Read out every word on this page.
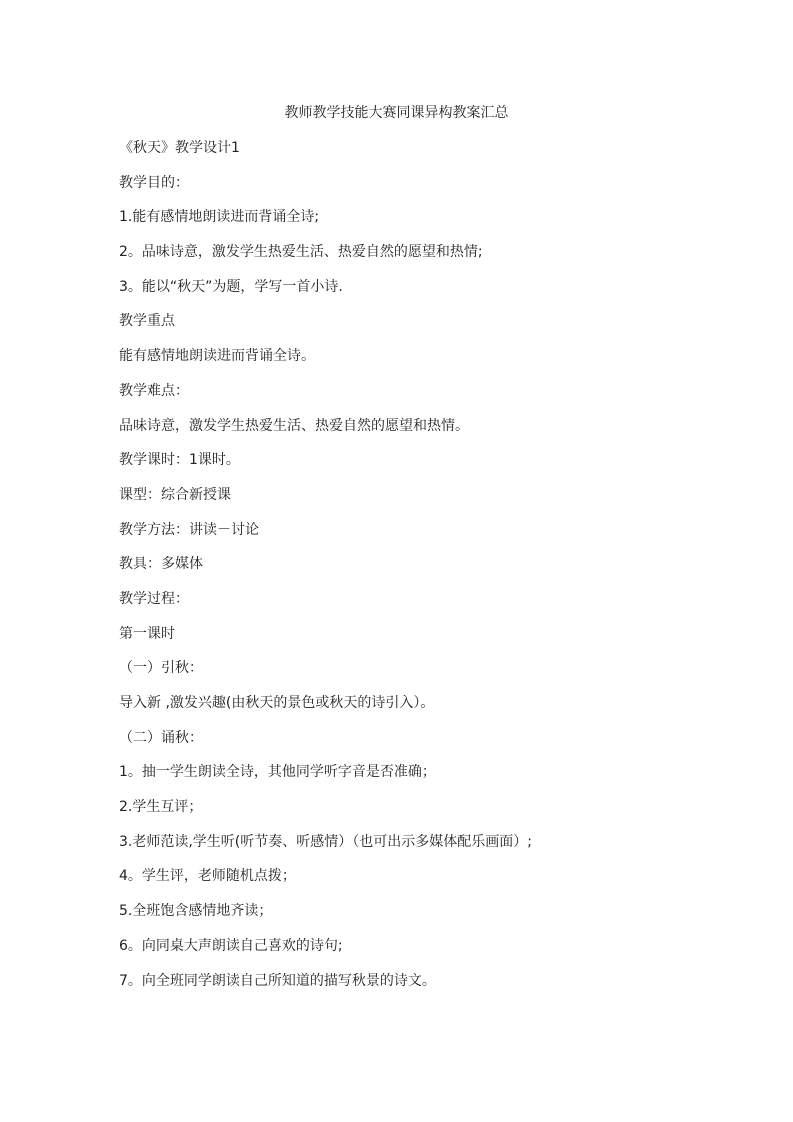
教师教学技能大赛同课异构教案汇总

《秋天》教学设计1

教学目的：

1.能有感情地朗读进而背诵全诗;

2。品味诗意，激发学生热爱生活、热爱自然的愿望和热情;

3。能以“秋天”为题，学写一首小诗.

教学重点

能有感情地朗读进而背诵全诗。

教学难点：

品味诗意，激发学生热爱生活、热爱自然的愿望和热情。

教学课时：1课时。

课型：综合新授课

教学方法：讲读－讨论

教具：多媒体

教学过程：

第一课时

（一）引秋：

导入新 ,激发兴趣(由秋天的景色或秋天的诗引入）。

（二）诵秋：

1。抽一学生朗读全诗，其他同学听字音是否准确；

2.学生互评；

3.老师范读,学生听(听节奏、听感情）（也可出示多媒体配乐画面）;

4。学生评，老师随机点拨；

5.全班饱含感情地齐读；

6。向同桌大声朗读自己喜欢的诗句;

7。向全班同学朗读自己所知道的描写秋景的诗文。
